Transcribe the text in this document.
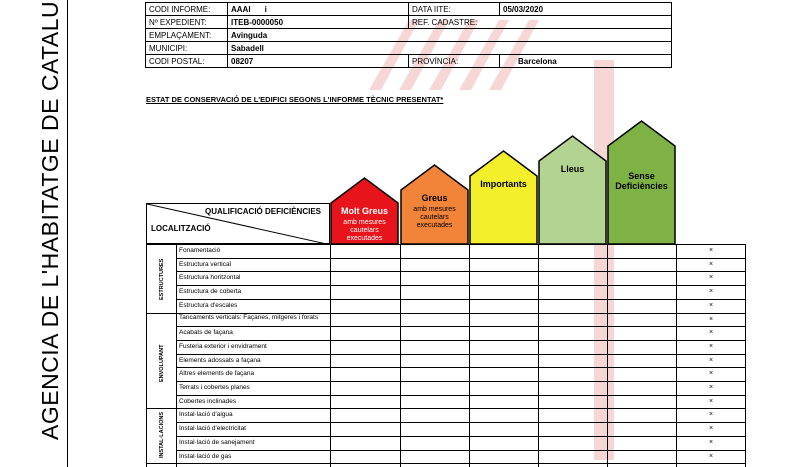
AGENCIA DE L'HABITATGE DE CATALU	CODI INFORME:	AAAI i	DATA IITE:	05/03/2020
Nº EXPEDIENT:	ITEB-0000050	REF. CADASTRE:	
EMPLAÇAMENT:	Avinguda		
MUNICIPI:	Sabadell		
CODI POSTAL:	08207	PROVÍNCIA:	Barcelona
ESTAT DE CONSERVACIÓ DE L'EDIFICI SEGONS L'INFORME TÈCNIC PRESENTAT*
Molt Greus
amb mesures cautelars executades
Greus
amb mesures cautelars executades
Importants
Lleus
Sense Deficiències
QUALIFICACIÓ DEFICIÈNCIES
LOCALITZACIÓ
ESTRUCTURES
Fonamentació	×
Estructura vertical	×
Estructura horitzontal	×
Estructura de coberta	×
Estructura d'escales	×
ENVOLUPANT
Tancaments verticals: Façanes, mitgeres i forats	×
Acabats de façana	×
Fusteria exterior i envidrament	×
Elements adossats a façana	×
Altres elements de façana	×
Terrats i cobertes planes	×
Cobertes inclinades	×
INSTAL·LACIONS Instal·lació d'aigua	×
Instal·lació d'electricitat	×
Instal·lació de sanejament	×
Instal·lació de gas	×
